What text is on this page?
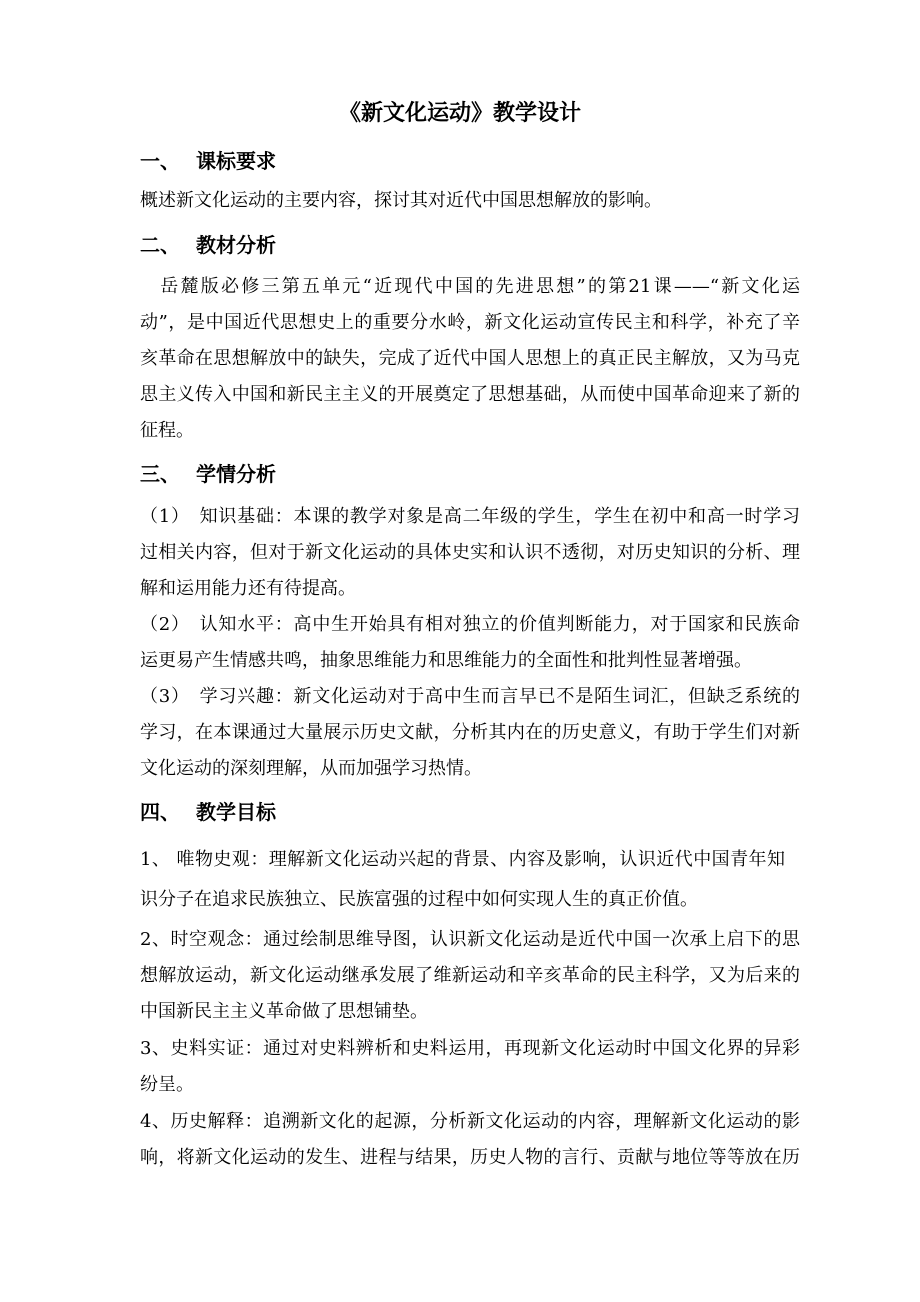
《新文化运动》教学设计
一、 课标要求
概述新文化运动的主要内容，探讨其对近代中国思想解放的影响。
二、 教材分析
　岳麓版必修三第五单元“近现代中国的先进思想”的第21课——“新文化运
动”，是中国近代思想史上的重要分水岭，新文化运动宣传民主和科学，补充了辛
亥革命在思想解放中的缺失，完成了近代中国人思想上的真正民主解放，又为马克
思主义传入中国和新民主主义的开展奠定了思想基础，从而使中国革命迎来了新的
征程。
三、 学情分析
（1）　知识基础：本课的教学对象是高二年级的学生，学生在初中和高一时学习
过相关内容，但对于新文化运动的具体史实和认识不透彻，对历史知识的分析、理
解和运用能力还有待提高。
（2）　认知水平：高中生开始具有相对独立的价值判断能力，对于国家和民族命
运更易产生情感共鸣，抽象思维能力和思维能力的全面性和批判性显著增强。
（3）　学习兴趣：新文化运动对于高中生而言早已不是陌生词汇，但缺乏系统的
学习，在本课通过大量展示历史文献，分析其内在的历史意义，有助于学生们对新
文化运动的深刻理解，从而加强学习热情。
四、 教学目标
1、 唯物史观：理解新文化运动兴起的背景、内容及影响，认识近代中国青年知
识分子在追求民族独立、民族富强的过程中如何实现人生的真正价值。
2、时空观念：通过绘制思维导图，认识新文化运动是近代中国一次承上启下的思
想解放运动，新文化运动继承发展了维新运动和辛亥革命的民主科学，又为后来的
中国新民主主义革命做了思想铺垫。
3、史料实证：通过对史料辨析和史料运用，再现新文化运动时中国文化界的异彩
纷呈。
4、历史解释：追溯新文化的起源，分析新文化运动的内容，理解新文化运动的影
响，将新文化运动的发生、进程与结果，历史人物的言行、贡献与地位等等放在历
